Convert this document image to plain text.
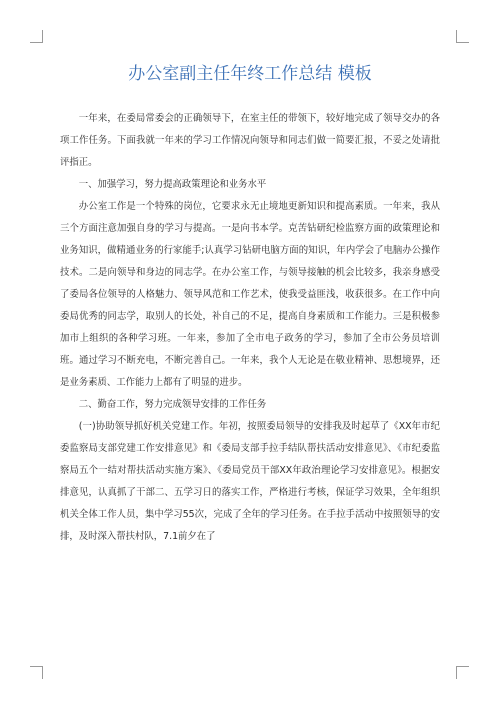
办公室副主任年终工作总结 模板

一年来，在委局常委会的正确领导下，在室主任的带领下，较好地完成了领导交办的各项工作任务。下面我就一年来的学习工作情况向领导和同志们做一简要汇报，不妥之处请批评指正。

一、加强学习，努力提高政策理论和业务水平

办公室工作是一个特殊的岗位，它要求永无止境地更新知识和提高素质。一年来，我从三个方面注意加强自身的学习与提高。一是向书本学。克苦钻研纪检监察方面的政策理论和业务知识，做精通业务的行家能手;认真学习钻研电脑方面的知识，年内学会了电脑办公操作技术。二是向领导和身边的同志学。在办公室工作，与领导接触的机会比较多，我亲身感受了委局各位领导的人格魅力、领导风范和工作艺术，使我受益匪浅，收获很多。在工作中向委局优秀的同志学，取别人的长处，补自己的不足，提高自身素质和工作能力。三是积极参加市上组织的各种学习班。一年来，参加了全市电子政务的学习，参加了全市公务员培训班。通过学习不断充电，不断完善自己。一年来，我个人无论是在敬业精神、思想境界，还是业务素质、工作能力上都有了明显的进步。

二、勤奋工作，努力完成领导安排的工作任务

(一)协助领导抓好机关党建工作。年初，按照委局领导的安排我及时起草了《XX年市纪委监察局支部党建工作安排意见》和《委局支部手拉手结队帮扶活动安排意见》、《市纪委监察局五个一结对帮扶活动实施方案》、《委局党员干部XX年政治理论学习安排意见》。根据安排意见，认真抓了干部二、五学习日的落实工作，严格进行考核，保证学习效果，全年组织机关全体工作人员，集中学习55次，完成了全年的学习任务。在手拉手活动中按照领导的安排，及时深入帮扶村队，7.1前夕在了
